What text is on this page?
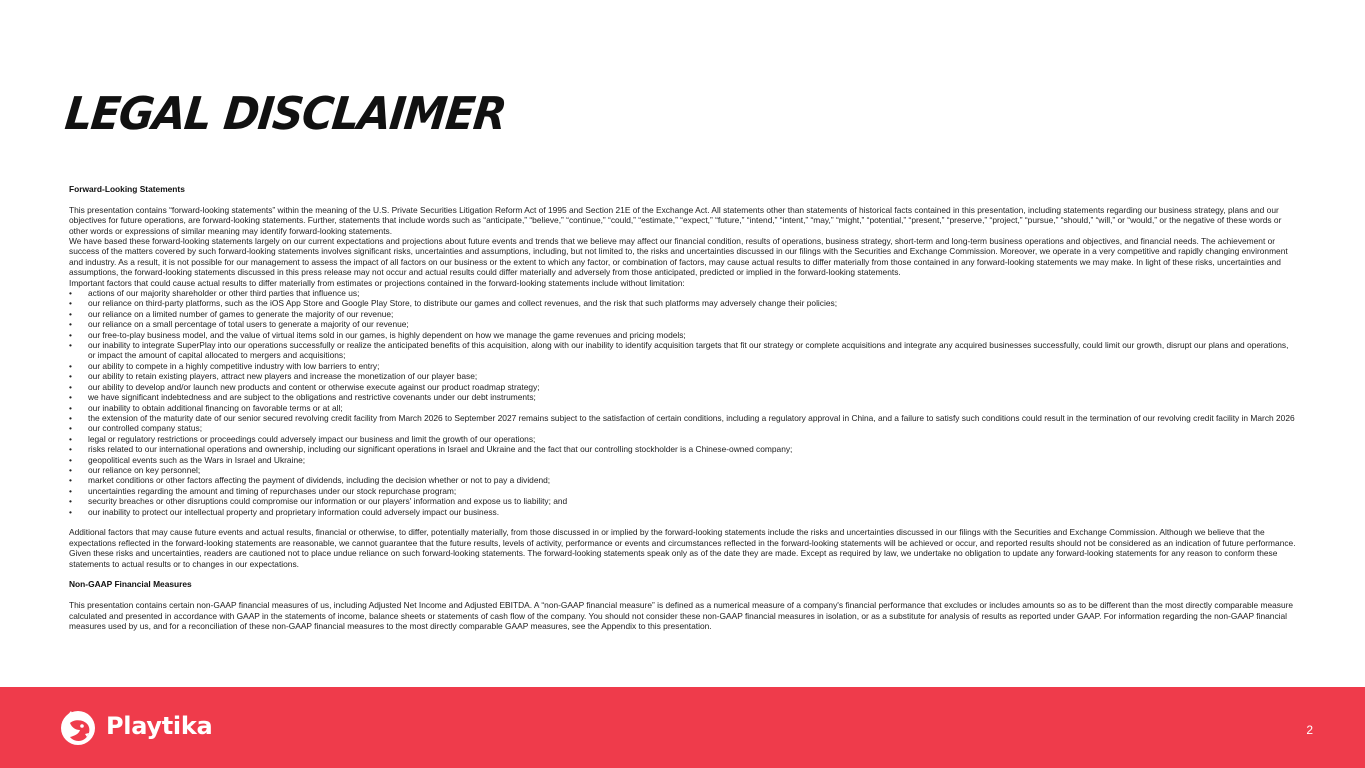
LEGAL DISCLAIMER

Forward-Looking Statements

This presentation contains “forward-looking statements” within the meaning of the U.S. Private Securities Litigation Reform Act of 1995 and Section 21E of the Exchange Act. All statements other than statements of historical facts contained in this presentation, including statements regarding our business strategy, plans and our objectives for future operations, are forward-looking statements. Further, statements that include words such as “anticipate,” “believe,” “continue,” “could,” “estimate,” “expect,” “future,” “intend,” “intent,” “may,” “might,” “potential,” “present,” “preserve,” “project,” “pursue,” “should,” “will,” or “would,” or the negative of these words or other words or expressions of similar meaning may identify forward-looking statements.

We have based these forward-looking statements largely on our current expectations and projections about future events and trends that we believe may affect our financial condition, results of operations, business strategy, short-term and long-term business operations and objectives, and financial needs. The achievement or success of the matters covered by such forward-looking statements involves significant risks, uncertainties and assumptions, including, but not limited to, the risks and uncertainties discussed in our filings with the Securities and Exchange Commission. Moreover, we operate in a very competitive and rapidly changing environment and industry. As a result, it is not possible for our management to assess the impact of all factors on our business or the extent to which any factor, or combination of factors, may cause actual results to differ materially from those contained in any forward-looking statements we may make. In light of these risks, uncertainties and assumptions, the forward-looking statements discussed in this press release may not occur and actual results could differ materially and adversely from those anticipated, predicted or implied in the forward-looking statements.

Important factors that could cause actual results to differ materially from estimates or projections contained in the forward-looking statements include without limitation:

• actions of our majority shareholder or other third parties that influence us;
• our reliance on third-party platforms, such as the iOS App Store and Google Play Store, to distribute our games and collect revenues, and the risk that such platforms may adversely change their policies;
• our reliance on a limited number of games to generate the majority of our revenue;
• our reliance on a small percentage of total users to generate a majority of our revenue;
• our free-to-play business model, and the value of virtual items sold in our games, is highly dependent on how we manage the game revenues and pricing models;
• our inability to integrate SuperPlay into our operations successfully or realize the anticipated benefits of this acquisition, along with our inability to identify acquisition targets that fit our strategy or complete acquisitions and integrate any acquired businesses successfully, could limit our growth, disrupt our plans and operations, or impact the amount of capital allocated to mergers and acquisitions;
• our ability to compete in a highly competitive industry with low barriers to entry;
• our ability to retain existing players, attract new players and increase the monetization of our player base;
• our ability to develop and/or launch new products and content or otherwise execute against our product roadmap strategy;
• we have significant indebtedness and are subject to the obligations and restrictive covenants under our debt instruments;
• our inability to obtain additional financing on favorable terms or at all;
• the extension of the maturity date of our senior secured revolving credit facility from March 2026 to September 2027 remains subject to the satisfaction of certain conditions, including a regulatory approval in China, and a failure to satisfy such conditions could result in the termination of our revolving credit facility in March 2026
• our controlled company status;
• legal or regulatory restrictions or proceedings could adversely impact our business and limit the growth of our operations;
• risks related to our international operations and ownership, including our significant operations in Israel and Ukraine and the fact that our controlling stockholder is a Chinese-owned company;
• geopolitical events such as the Wars in Israel and Ukraine;
• our reliance on key personnel;
• market conditions or other factors affecting the payment of dividends, including the decision whether or not to pay a dividend;
• uncertainties regarding the amount and timing of repurchases under our stock repurchase program;
• security breaches or other disruptions could compromise our information or our players' information and expose us to liability; and
• our inability to protect our intellectual property and proprietary information could adversely impact our business.

Additional factors that may cause future events and actual results, financial or otherwise, to differ, potentially materially, from those discussed in or implied by the forward-looking statements include the risks and uncertainties discussed in our filings with the Securities and Exchange Commission. Although we believe that the expectations reflected in the forward-looking statements are reasonable, we cannot guarantee that the future results, levels of activity, performance or events and circumstances reflected in the forward-looking statements will be achieved or occur, and reported results should not be considered as an indication of future performance. Given these risks and uncertainties, readers are cautioned not to place undue reliance on such forward-looking statements. The forward-looking statements speak only as of the date they are made. Except as required by law, we undertake no obligation to update any forward-looking statements for any reason to conform these statements to actual results or to changes in our expectations.

Non-GAAP Financial Measures

This presentation contains certain non-GAAP financial measures of us, including Adjusted Net Income and Adjusted EBITDA. A “non-GAAP financial measure” is defined as a numerical measure of a company's financial performance that excludes or includes amounts so as to be different than the most directly comparable measure calculated and presented in accordance with GAAP in the statements of income, balance sheets or statements of cash flow of the company. You should not consider these non-GAAP financial measures in isolation, or as a substitute for analysis of results as reported under GAAP. For information regarding the non-GAAP financial measures used by us, and for a reconciliation of these non-GAAP financial measures to the most directly comparable GAAP measures, see the Appendix to this presentation.

Playtika	2
